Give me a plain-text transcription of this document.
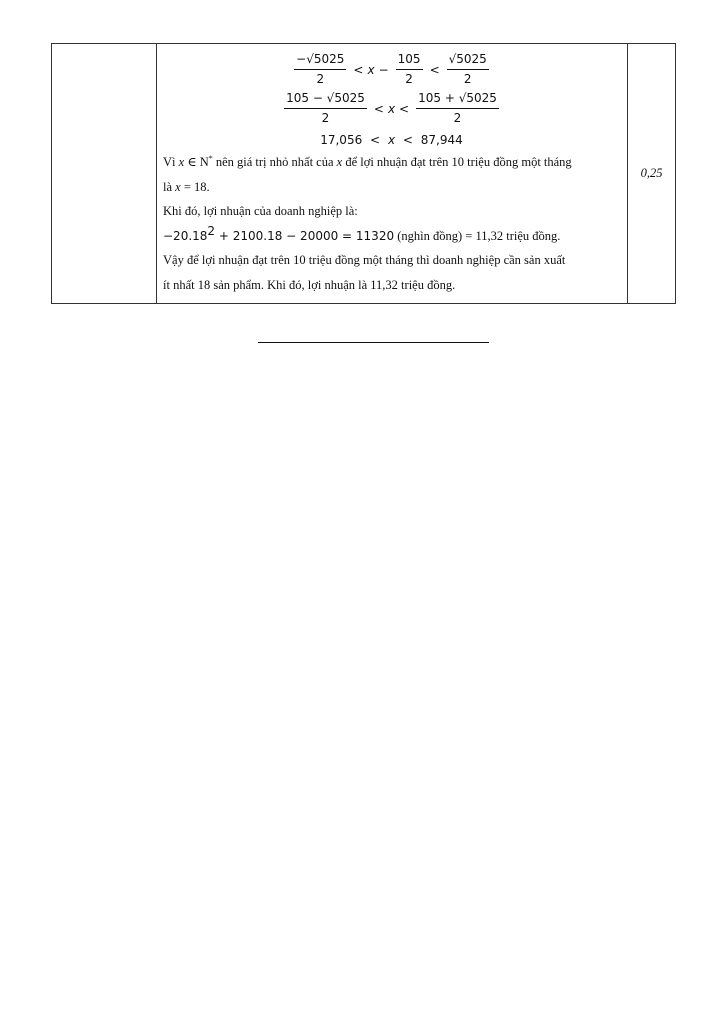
$\frac{-√5025}{2} < x - \frac{105}{2} < \frac{√5025}{2}$

$\frac{105 - √5025}{2} < x < \frac{105 + √5025}{2}$
17,056 < x < 87,944
Vì x ∈ N* nên giá trị nhỏ nhất của x để lợi nhuận đạt trên 10 triệu đồng một tháng
là x = 18.
Khi đó, lợi nhuận của doanh nghiệp là:
$-20.18^2 + 2100.18 - 20000 = 11320$ (nghìn đồng) = 11,32 triệu đồng.
Vậy để lợi nhuận đạt trên 10 triệu đồng một tháng thì doanh nghiệp cần sản xuất
ít nhất 18 sản phẩm. Khi đó, lợi nhuận là 11,32 triệu đồng.
	0,25
